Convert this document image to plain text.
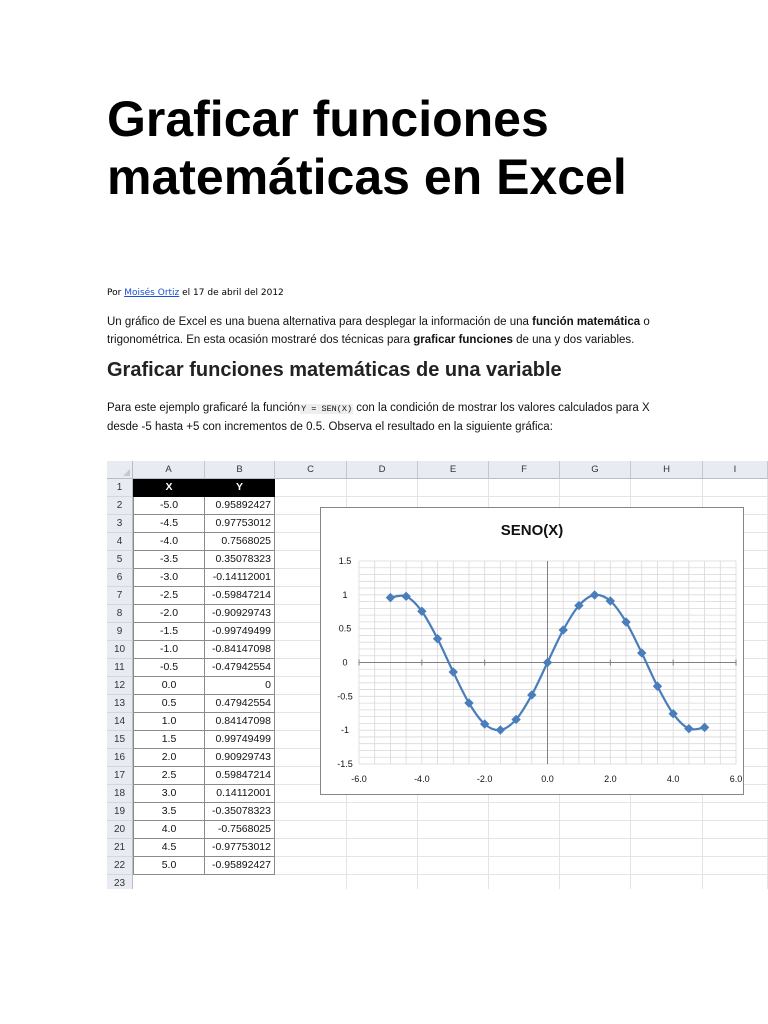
Graficar funciones matemáticas en Excel
Por Moisés Ortiz el 17 de abril del 2012
Un gráfico de Excel es una buena alternativa para desplegar la información de una función matemática o trigonométrica. En esta ocasión mostraré dos técnicas para graficar funciones de una y dos variables.
Graficar funciones matemáticas de una variable
Para este ejemplo graficaré la funciónY = SEN(X) con la condición de mostrar los valores calculados para X desde -5 hasta +5 con incrementos de 0.5. Observa el resultado en la siguiente gráfica:
A	B	C	D	E	F	G	H	I
1	X	Y
2	-5.0	0.95892427
3	-4.5	0.97753012
4	-4.0	0.7568025
5	-3.5	0.35078323
6	-3.0	-0.14112001
7	-2.5	-0.59847214
8	-2.0	-0.90929743
9	-1.5	-0.99749499
10	-1.0	-0.84147098
11	-0.5	-0.47942554
12	0.0	0
13	0.5	0.47942554
14	1.0	0.84147098
15	1.5	0.99749499
16	2.0	0.90929743
17	2.5	0.59847214
18	3.0	0.14112001
19	3.5	-0.35078323
20	4.0	-0.7568025
21	4.5	-0.97753012
22	5.0	-0.95892427
23
SENO(X)
-6.0	-4.0	-2.0	0.0	2.0	4.0	6.0
1.5
1
0.5
0
-0.5
-1
-1.5
